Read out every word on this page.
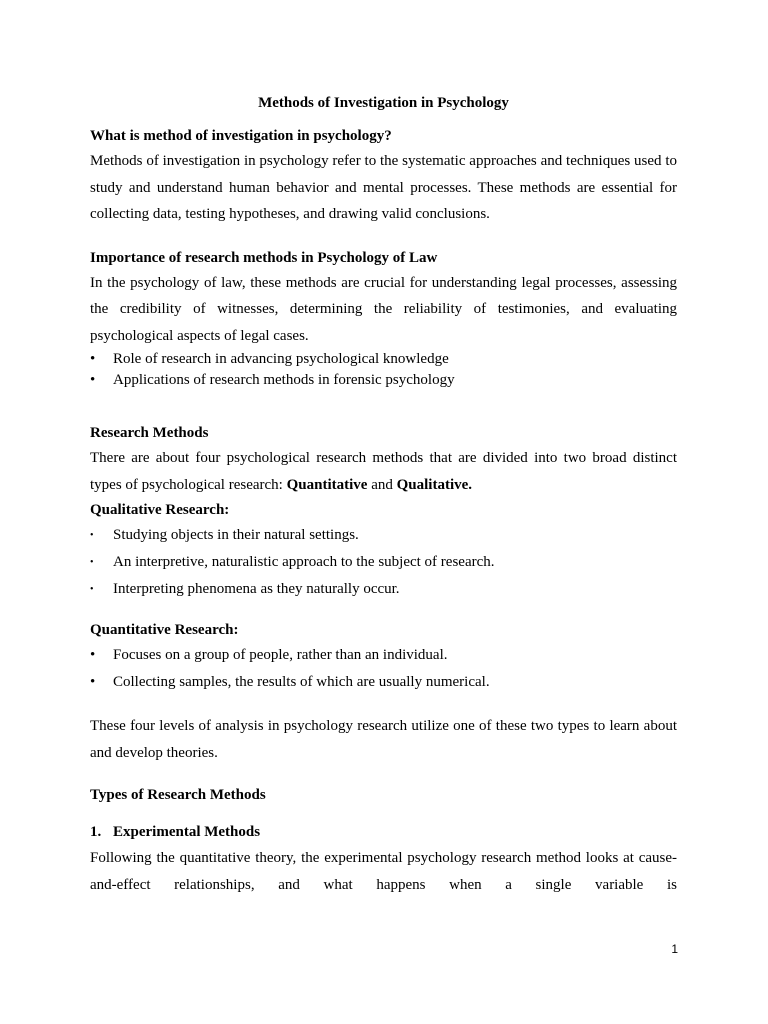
Methods of Investigation in Psychology

What is method of investigation in psychology?

Methods of investigation in psychology refer to the systematic approaches and techniques used to study and understand human behavior and mental processes. These methods are essential for collecting data, testing hypotheses, and drawing valid conclusions.

Importance of research methods in Psychology of Law

In the psychology of law, these methods are crucial for understanding legal processes, assessing the credibility of witnesses, determining the reliability of testimonies, and evaluating psychological aspects of legal cases.

•	Role of research in advancing psychological knowledge
•	Applications of research methods in forensic psychology

Research Methods

There are about four psychological research methods that are divided into two broad distinct types of psychological research: Quantitative and Qualitative.

Qualitative Research:

•	Studying objects in their natural settings.
•	An interpretive, naturalistic approach to the subject of research.
•	Interpreting phenomena as they naturally occur.

Quantitative Research:

•	Focuses on a group of people, rather than an individual.
•	Collecting samples, the results of which are usually numerical.

These four levels of analysis in psychology research utilize one of these two types to learn about and develop theories.

Types of Research Methods

1. Experimental Methods

Following the quantitative theory, the experimental psychology research method looks at cause-and-effect relationships, and what happens when a single variable is

1
